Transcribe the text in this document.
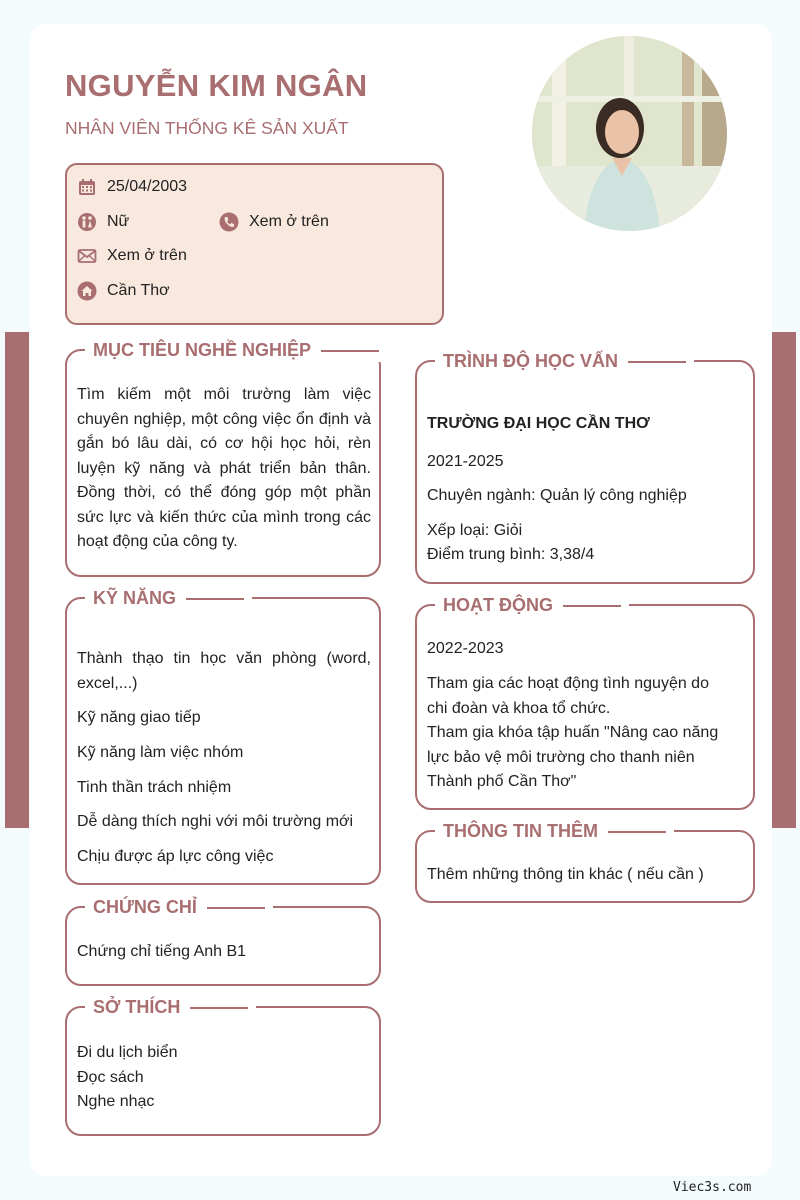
NGUYỄN KIM NGÂN
NHÂN VIÊN THỐNG KÊ SẢN XUẤT
25/04/2003
Nữ	Xem ở trên
Xem ở trên
Cần Thơ
MỤC TIÊU NGHỀ NGHIỆP
Tìm kiếm một môi trường làm việc chuyên nghiệp, một công việc ổn định và gắn bó lâu dài, có cơ hội học hỏi, rèn luyện kỹ năng và phát triển bản thân. Đồng thời, có thể đóng góp một phần sức lực và kiến thức của mình trong các hoạt động của công ty.
KỸ NĂNG
Thành thạo tin học văn phòng (word, excel,...)
Kỹ năng giao tiếp
Kỹ năng làm việc nhóm
Tinh thần trách nhiệm
Dễ dàng thích nghi với môi trường mới
Chịu được áp lực công việc
CHỨNG CHỈ
Chứng chỉ tiếng Anh B1
SỞ THÍCH
Đi du lịch biển
Đọc sách
Nghe nhạc
TRÌNH ĐỘ HỌC VẤN
TRƯỜNG ĐẠI HỌC CẦN THƠ
2021-2025
Chuyên ngành: Quản lý công nghiệp
Xếp loại: Giỏi
Điểm trung bình: 3,38/4
HOẠT ĐỘNG
2022-2023
Tham gia các hoạt động tình nguyện do chi đoàn và khoa tổ chức.
Tham gia khóa tập huấn "Nâng cao năng lực bảo vệ môi trường cho thanh niên Thành phố Cần Thơ"
THÔNG TIN THÊM
Thêm những thông tin khác ( nếu cần )
Viec3s.com
